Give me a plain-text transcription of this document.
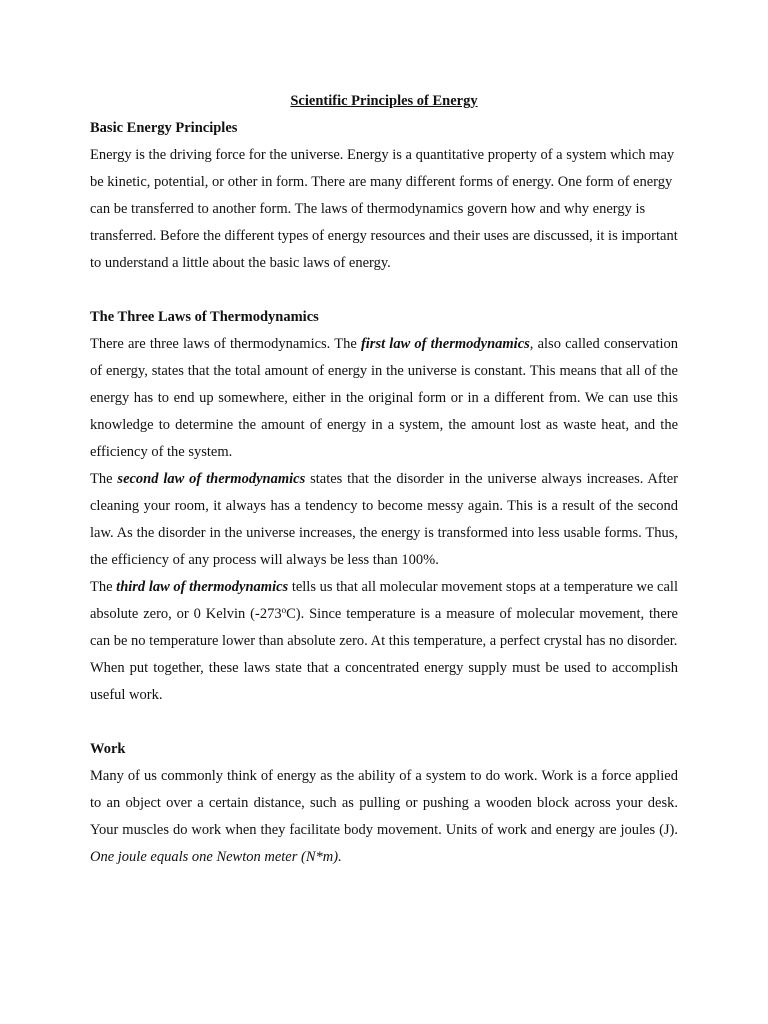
Scientific Principles of Energy

Basic Energy Principles

Energy is the driving force for the universe. Energy is a quantitative property of a system which may be kinetic, potential, or other in form. There are many different forms of energy. One form of energy can be transferred to another form. The laws of thermodynamics govern how and why energy is transferred. Before the different types of energy resources and their uses are discussed, it is important to understand a little about the basic laws of energy.

The Three Laws of Thermodynamics

There are three laws of thermodynamics. The first law of thermodynamics, also called conservation of energy, states that the total amount of energy in the universe is constant. This means that all of the energy has to end up somewhere, either in the original form or in a different from. We can use this knowledge to determine the amount of energy in a system, the amount lost as waste heat, and the efficiency of the system.

The second law of thermodynamics states that the disorder in the universe always increases. After cleaning your room, it always has a tendency to become messy again. This is a result of the second law. As the disorder in the universe increases, the energy is transformed into less usable forms. Thus, the efficiency of any process will always be less than 100%.

The third law of thermodynamics tells us that all molecular movement stops at a temperature we call absolute zero, or 0 Kelvin (-273$^o$C). Since temperature is a measure of molecular movement, there can be no temperature lower than absolute zero. At this temperature, a perfect crystal has no disorder.

When put together, these laws state that a concentrated energy supply must be used to accomplish useful work.

Work

Many of us commonly think of energy as the ability of a system to do work. Work is a force applied to an object over a certain distance, such as pulling or pushing a wooden block across your desk. Your muscles do work when they facilitate body movement. Units of work and energy are joules (J). One joule equals one Newton meter (N*m).
